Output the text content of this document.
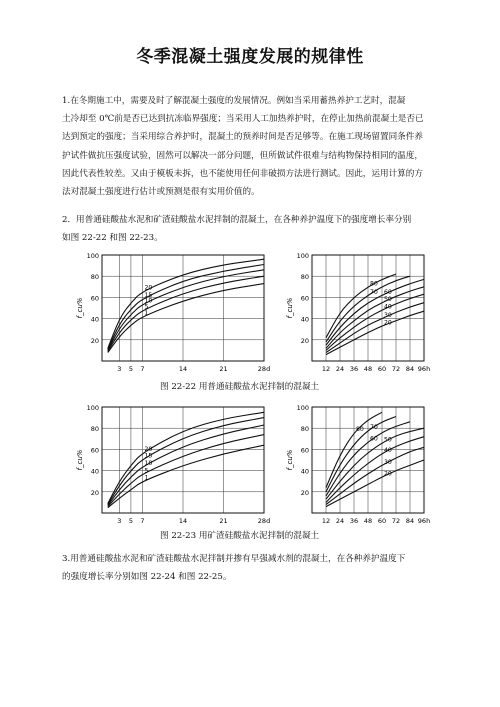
冬季混凝土强度发展的规律性
1.在冬期施工中，需要及时了解混凝土强度的发展情况。例如当采用蓄热养护工艺时，混凝
土冷却至 0℃前是否已达到抗冻临界强度；当采用人工加热养护时，在停止加热前混凝土是否已
达到预定的强度；当采用综合养护时，混凝土的预养时间是否足够等。在施工现场留置同条件养
护试件做抗压强度试验，固然可以解决一部分问题，但所做试件很难与结构物保持相同的温度，
因此代表性较差。又由于模板未拆，也不能使用任何非破损方法进行测试。因此，运用计算的方
法对混凝土强度进行估计或预测是很有实用价值的。
2．用普通硅酸盐水泥和矿渣硅酸盐水泥拌制的混凝土，在各种养护温度下的强度增长率分别
如图 22-22 和图 22-23。
100
80
60
40
20
f_cu%
3 5 7	14	21	28d
20
15
10
5
1
100
80
60
40
20
f_cu%
12 24 36 48 60 72 84 96h
80
70 60
50
40
30
20
图 22-22 用普通硅酸盐水泥拌制的混凝土
100
80
60
40
20
f_cu%
3 5 7	14	21	28d
20
15
10
5
1
100
80
60
40
20
f_cu%
12 24 36 48 60 72 84 96h
80 70
60 50
40
30
20
图 22-23 用矿渣硅酸盐水泥拌制的混凝土
3.用普通硅酸盐水泥和矿渣硅酸盐水泥拌制并掺有早强减水剂的混凝土，在各种养护温度下
的强度增长率分别如图 22-24 和图 22-25。
